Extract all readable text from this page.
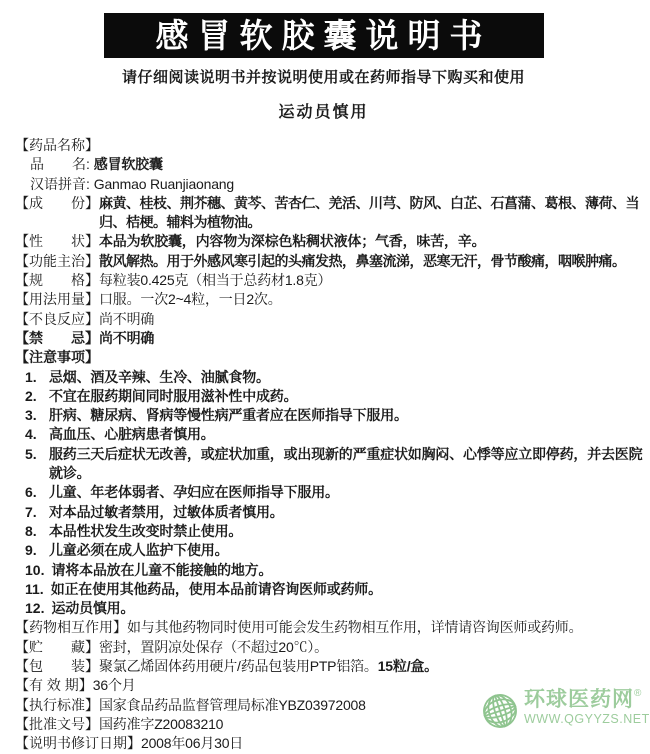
感冒软胶囊说明书
请仔细阅读说明书并按说明使用或在药师指导下购买和使用
运动员慎用
【药品名称】
品　　名: 感冒软胶囊
汉语拼音: Ganmao Ruanjiaonang
【成　　份】 麻黄、桂枝、荆芥穗、黄芩、苦杏仁、羌活、川芎、防风、白芷、石菖蒲、葛根、薄荷、当归、桔梗。辅料为植物油。
【性　　状】 本品为软胶囊，内容物为深棕色粘稠状液体；气香，味苦，辛。
【功能主治】 散风解热。用于外感风寒引起的头痛发热，鼻塞流涕，恶寒无汗，骨节酸痛，咽喉肿痛。
【规　　格】 每粒装0.425克（相当于总药材1.8克）
【用法用量】 口服。一次2~4粒，一日2次。
【不良反应】 尚不明确
【禁　　忌】 尚不明确
【注意事项】
1. 忌烟、酒及辛辣、生冷、油腻食物。
2. 不宜在服药期间同时服用滋补性中成药。
3. 肝病、糖尿病、肾病等慢性病严重者应在医师指导下服用。
4. 高血压、心脏病患者慎用。
5. 服药三天后症状无改善，或症状加重，或出现新的严重症状如胸闷、心悸等应立即停药，并去医院就诊。
6. 儿童、年老体弱者、孕妇应在医师指导下服用。
7. 对本品过敏者禁用，过敏体质者慎用。
8. 本品性状发生改变时禁止使用。
9. 儿童必须在成人监护下使用。
10. 请将本品放在儿童不能接触的地方。
11. 如正在使用其他药品，使用本品前请咨询医师或药师。
12. 运动员慎用。
【药物相互作用】 如与其他药物同时使用可能会发生药物相互作用，详情请咨询医师或药师。
【贮　　藏】 密封，置阴凉处保存（不超过20℃）。
【包　　装】 聚氯乙烯固体药用硬片/药品包装用PTP铝箔。15粒/盒。
【有 效 期】 36个月
【执行标准】 国家食品药品监督管理局标准YBZ03972008
【批准文号】 国药准字Z20083210
【说明书修订日期】 2008年06月30日
环球医药网®
WWW.QGYYZS.NET
